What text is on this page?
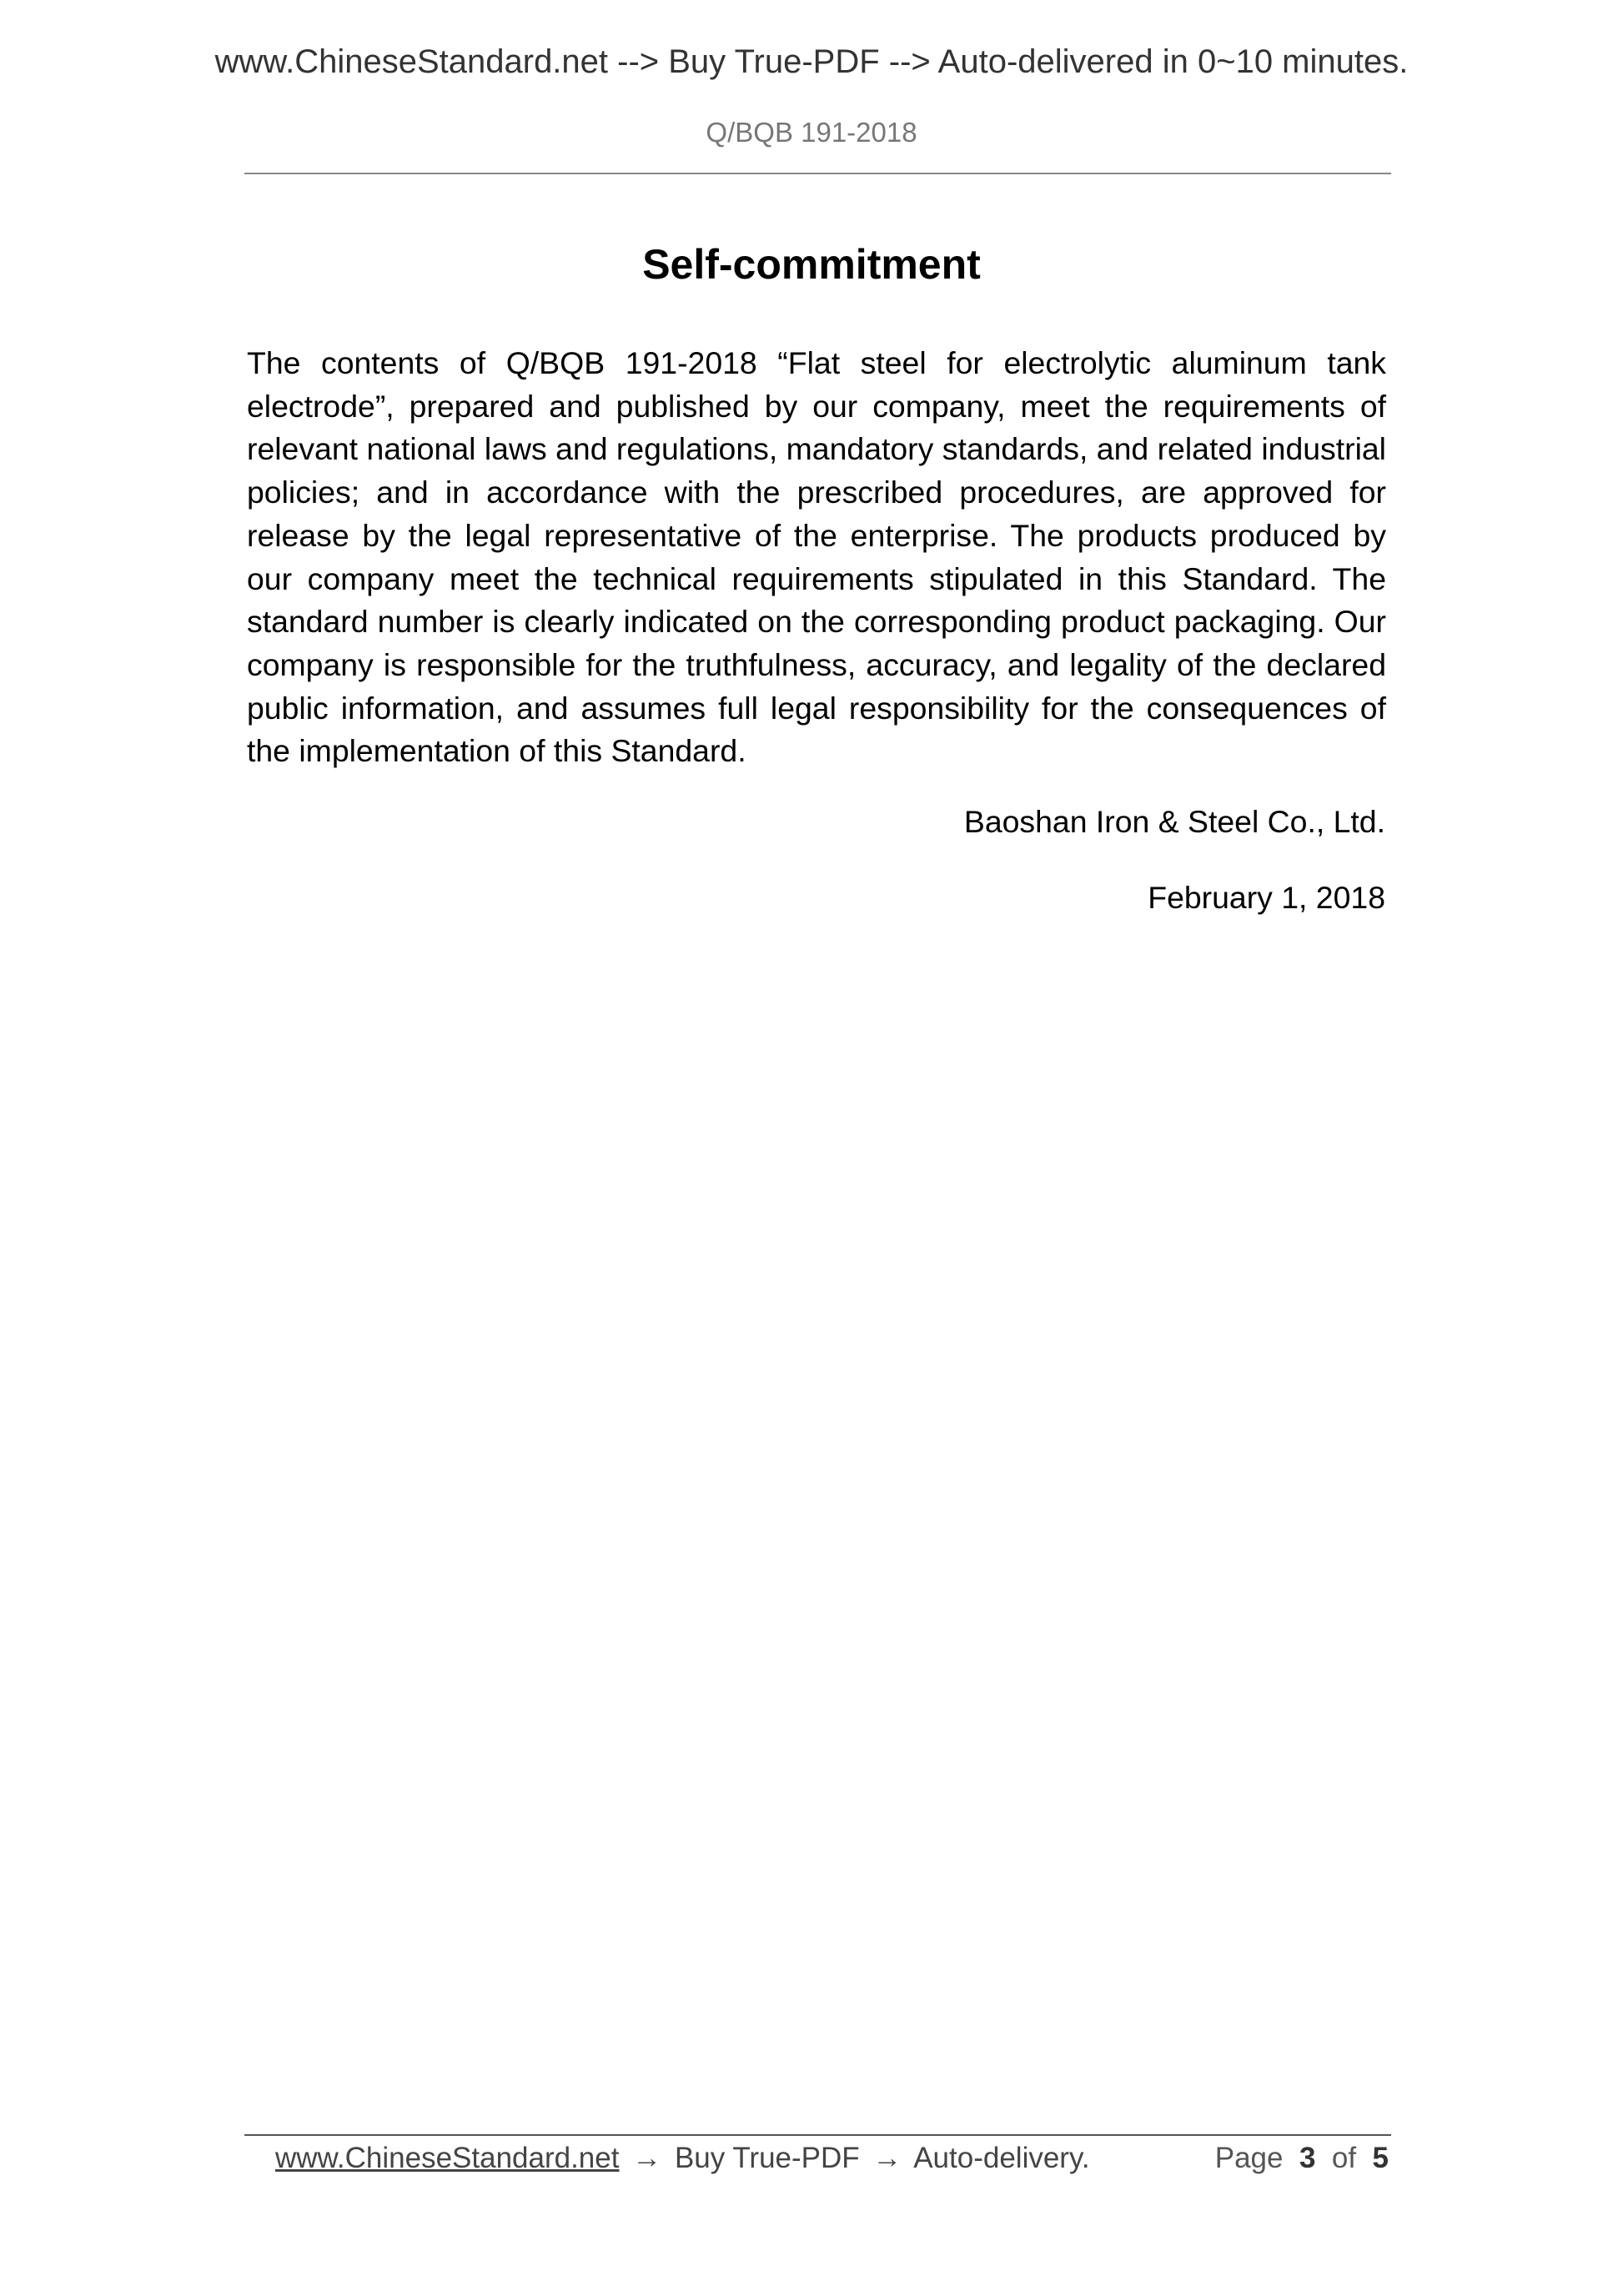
www.ChineseStandard.net --> Buy True-PDF --> Auto-delivered in 0~10 minutes.
Q/BQB 191-2018
Self-commitment

The contents of Q/BQB 191-2018 “Flat steel for electrolytic aluminum tank electrode”, prepared and published by our company, meet the requirements of relevant national laws and regulations, mandatory standards, and related industrial policies; and in accordance with the prescribed procedures, are approved for release by the legal representative of the enterprise. The products produced by our company meet the technical requirements stipulated in this Standard. The standard number is clearly indicated on the corresponding product packaging. Our company is responsible for the truthfulness, accuracy, and legality of the declared public information, and assumes full legal responsibility for the consequences of the implementation of this Standard.

Baoshan Iron & Steel Co., Ltd.
February 1, 2018
www.ChineseStandard.net → Buy True-PDF → Auto-delivery.	Page 3 of 5
